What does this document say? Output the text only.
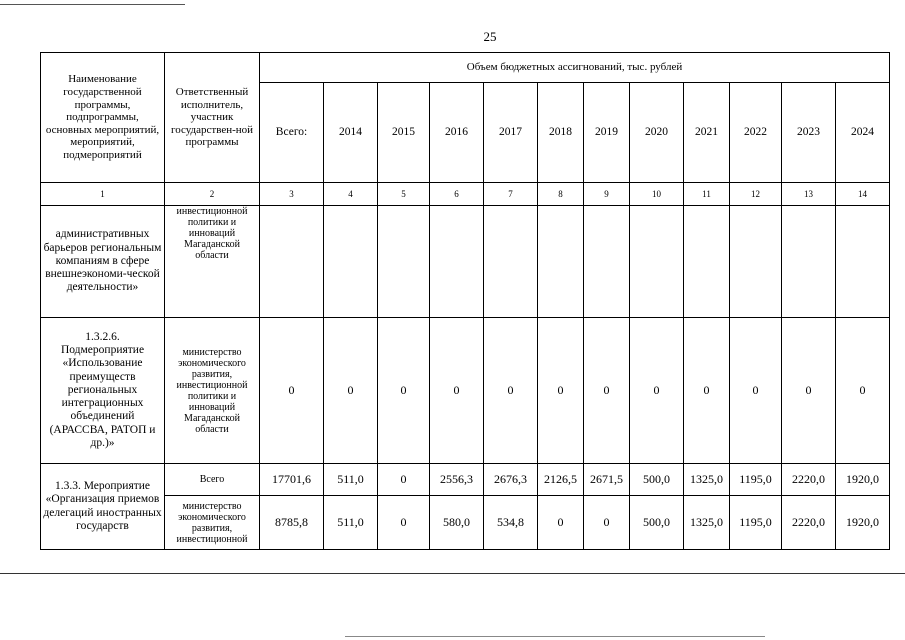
25
Наименование государственной программы, подпрограммы, основных мероприятий, мероприятий, подмероприятий	Ответственный исполнитель, участник государствен-ной программы	Объем бюджетных ассигнований, тыс. рублей											
		Всего:	2014	2015	2016	2017	2018	2019	2020	2021	2022	2023	2024
1	2	3	4	5	6	7	8	9	10	11	12	13	14
административных барьеров региональным компаниям в сфере внешнеэкономи-ческой деятельности»	инвестиционной политики и инноваций Магаданской области												
1.3.2.6. Подмероприятие «Использование преимуществ региональных интеграционных объединений (АРАССВА, РАТОП и др.)»	министерство экономического развития, инвестиционной политики и инноваций Магаданской области	0	0	0	0	0	0	0	0	0	0	0	0
1.3.3. Мероприятие «Организация приемов делегаций иностранных государств	Всего	17701,6	511,0	0	2556,3	2676,3	2126,5	2671,5	500,0	1325,0	1195,0	2220,0	1920,0
	министерство экономического развития, инвестиционной	8785,8	511,0	0	580,0	534,8	0	0	500,0	1325,0	1195,0	2220,0	1920,0
